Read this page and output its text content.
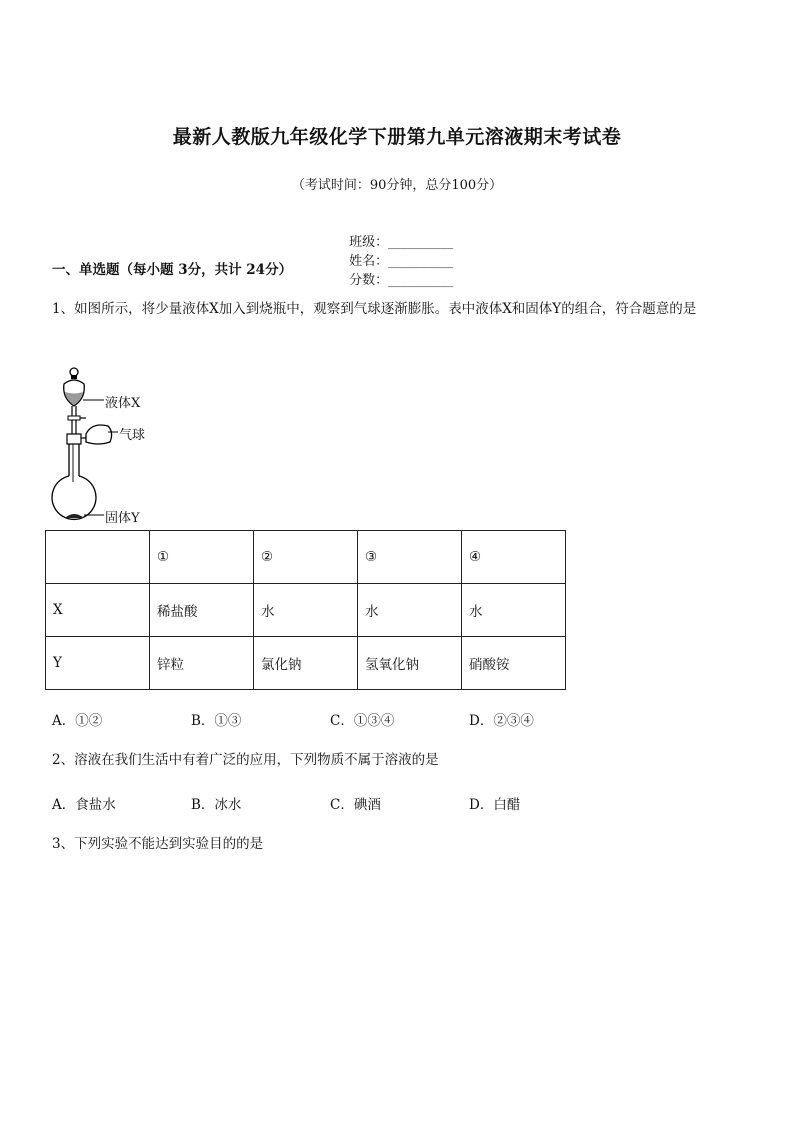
最新人教版九年级化学下册第九单元溶液期末考试卷
（考试时间：90分钟，总分100分）

班级：__________
姓名：__________
分数：__________

一、单选题（每小题 3分，共计 24分）
1、如图所示，将少量液体X加入到烧瓶中，观察到气球逐渐膨胀。表中液体X和固体Y的组合，符合题意的是
液体X
气球
固体Y
	①	②	③	④
X	稀盐酸	水	水	水
Y	锌粒	氯化钠	氢氧化钠	硝酸铵
A．①②	B．①③	C．①③④	D．②③④
2、溶液在我们生活中有着广泛的应用，下列物质不属于溶液的是
A．食盐水	B．冰水	C．碘酒	D．白醋
3、下列实验不能达到实验目的的是
